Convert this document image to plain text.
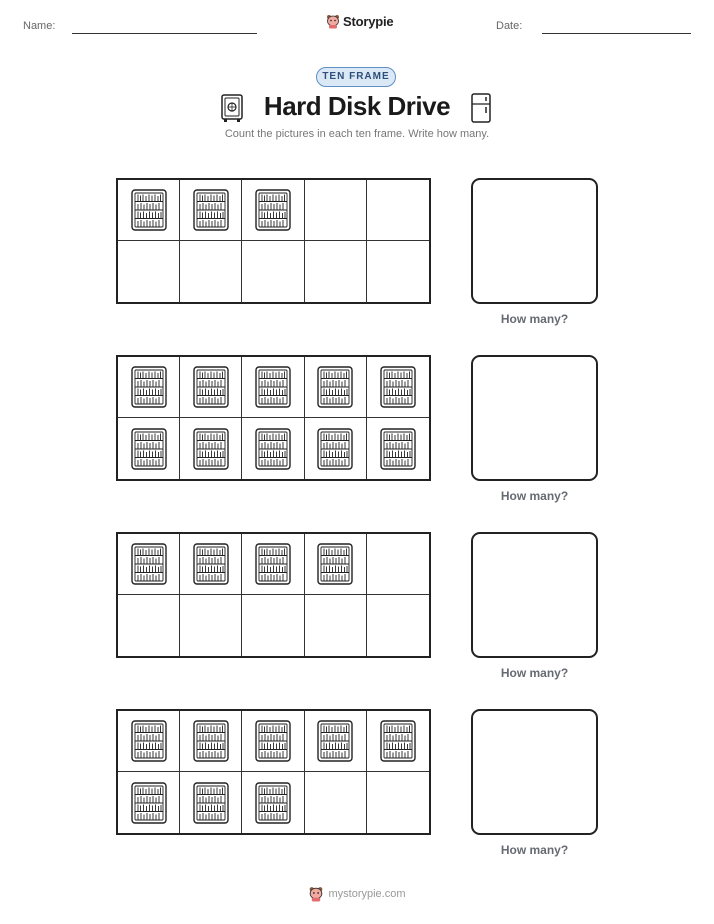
Name:	Storypie	Date:
TEN FRAME
Hard Disk Drive
Count the pictures in each ten frame. Write how many.
How many?
How many?
How many?
How many?
mystorypie.com
